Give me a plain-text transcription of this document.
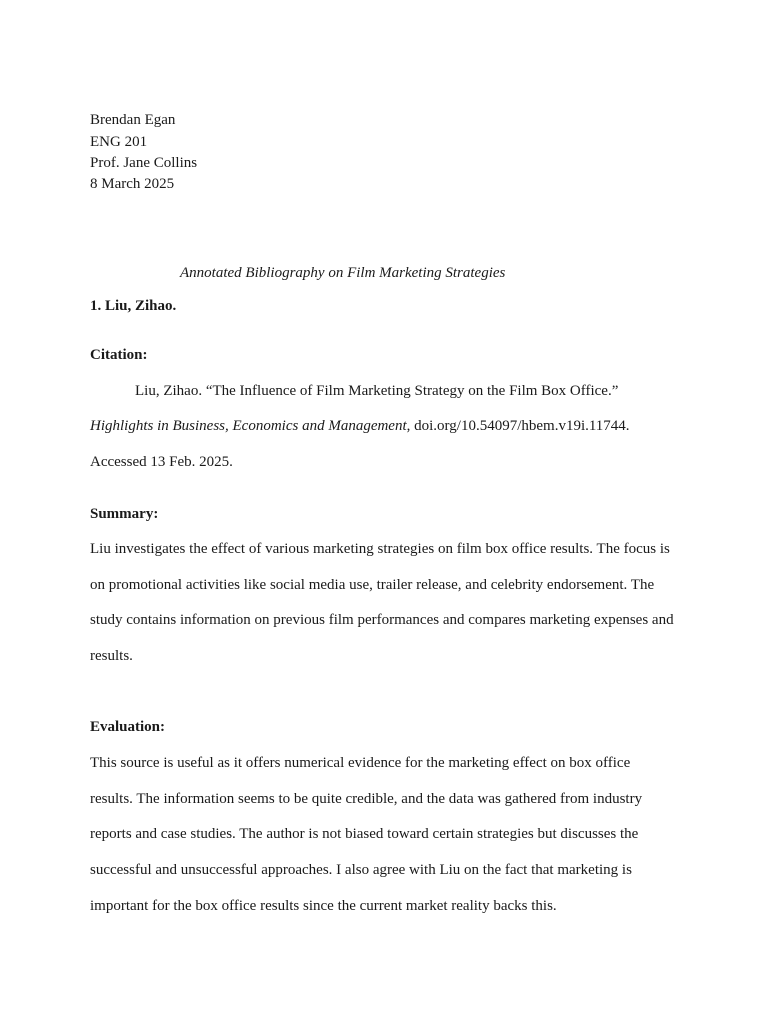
Brendan Egan
ENG 201
Prof. Jane Collins
8 March 2025
Annotated Bibliography on Film Marketing Strategies
1. Liu, Zihao.
Citation:
Liu, Zihao. “The Influence of Film Marketing Strategy on the Film Box Office.”
Highlights in Business, Economics and Management, doi.org/10.54097/hbem.v19i.11744.
Accessed 13 Feb. 2025.
Summary:
Liu investigates the effect of various marketing strategies on film box office results. The focus is
on promotional activities like social media use, trailer release, and celebrity endorsement. The
study contains information on previous film performances and compares marketing expenses and
results.
Evaluation:
This source is useful as it offers numerical evidence for the marketing effect on box office
results. The information seems to be quite credible, and the data was gathered from industry
reports and case studies. The author is not biased toward certain strategies but discusses the
successful and unsuccessful approaches. I also agree with Liu on the fact that marketing is
important for the box office results since the current market reality backs this.
